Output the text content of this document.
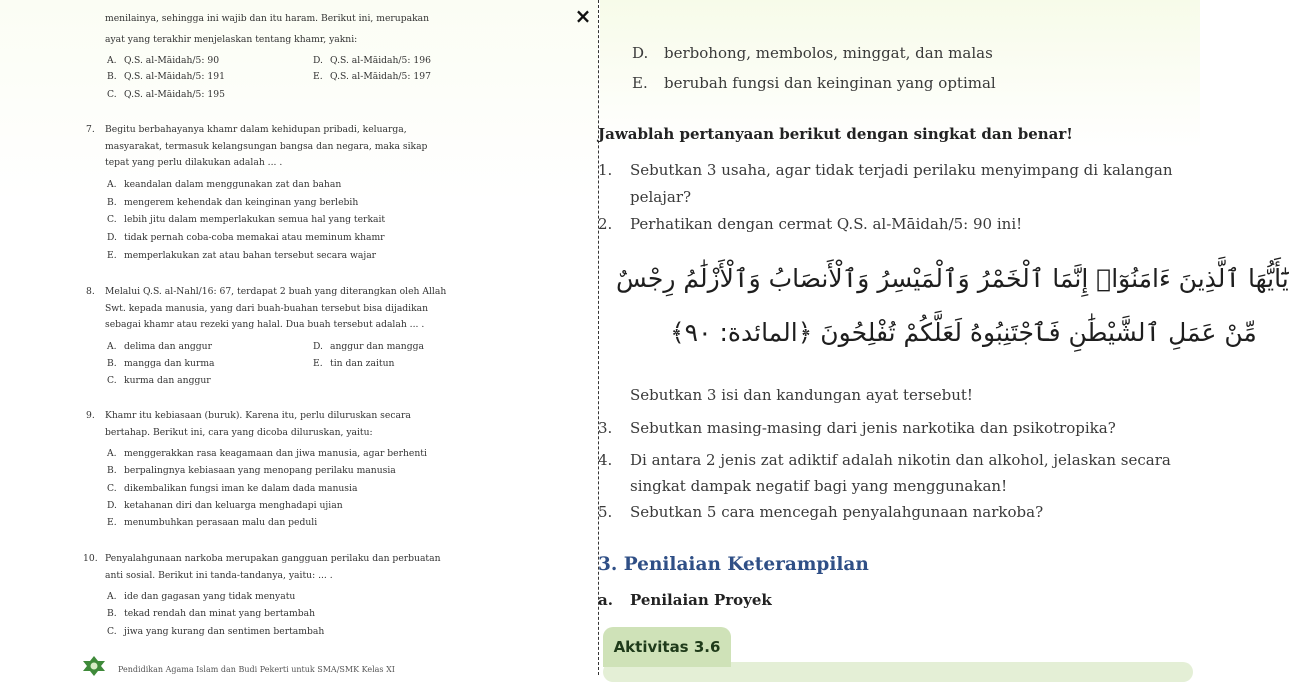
menilainya, sehingga ini wajib dan itu haram. Berikut ini, merupakan
ayat yang terakhir menjelaskan tentang khamr, yakni:
A. Q.S. al-Māidah/5: 90	D. Q.S. al-Māidah/5: 196
B. Q.S. al-Māidah/5: 191	E. Q.S. al-Māidah/5: 197
C. Q.S. al-Māidah/5: 195
7. Begitu berbahayanya khamr dalam kehidupan pribadi, keluarga,
masyarakat, termasuk kelangsungan bangsa dan negara, maka sikap
tepat yang perlu dilakukan adalah ... .
A. keandalan dalam menggunakan zat dan bahan
B. mengerem kehendak dan keinginan yang berlebih
C. lebih jitu dalam memperlakukan semua hal yang terkait
D. tidak pernah coba-coba memakai atau meminum khamr
E. memperlakukan zat atau bahan tersebut secara wajar
8. Melalui Q.S. al-Nahl/16: 67, terdapat 2 buah yang diterangkan oleh Allah
Swt. kepada manusia, yang dari buah-buahan tersebut bisa dijadikan
sebagai khamr atau rezeki yang halal. Dua buah tersebut adalah ... .
A. delima dan anggur	D. anggur dan mangga
B. mangga dan kurma	E. tin dan zaitun
C. kurma dan anggur
9. Khamr itu kebiasaan (buruk). Karena itu, perlu diluruskan secara
bertahap. Berikut ini, cara yang dicoba diluruskan, yaitu:
A. menggerakkan rasa keagamaan dan jiwa manusia, agar berhenti
B. berpalingnya kebiasaan yang menopang perilaku manusia
C. dikembalikan fungsi iman ke dalam dada manusia
D. ketahanan diri dan keluarga menghadapi ujian
E. menumbuhkan perasaan malu dan peduli
10. Penyalahgunaan narkoba merupakan gangguan perilaku dan perbuatan
anti sosial. Berikut ini tanda-tandanya, yaitu: ... .
A. ide dan gagasan yang tidak menyatu
B. tekad rendah dan minat yang bertambah
C. jiwa yang kurang dan sentimen bertambah
Pendidikan Agama Islam dan Budi Pekerti untuk SMA/SMK Kelas XI
×
D. berbohong, membolos, minggat, dan malas
E. berubah fungsi dan keinginan yang optimal
Jawablah pertanyaan berikut dengan singkat dan benar!
1. Sebutkan 3 usaha, agar tidak terjadi perilaku menyimpang di kalangan
pelajar?
2. Perhatikan dengan cermat Q.S. al-Māidah/5: 90 ini!
يَٰٓأَيُّهَا ٱلَّذِينَ ءَامَنُوٓا۟ إِنَّمَا ٱلْخَمْرُ وَٱلْمَيْسِرُ وَٱلْأَنصَابُ وَٱلْأَزْلَٰمُ رِجْسٌ
مِّنْ عَمَلِ ٱلشَّيْطَٰنِ فَٱجْتَنِبُوهُ لَعَلَّكُمْ تُفْلِحُونَ ﴿المائدة: ٩٠﴾
Sebutkan 3 isi dan kandungan ayat tersebut!
3. Sebutkan masing-masing dari jenis narkotika dan psikotropika?
4. Di antara 2 jenis zat adiktif adalah nikotin dan alkohol, jelaskan secara
singkat dampak negatif bagi yang menggunakan!
5. Sebutkan 5 cara mencegah penyalahgunaan narkoba?
3. Penilaian Keterampilan
a. Penilaian Proyek
Aktivitas 3.6
